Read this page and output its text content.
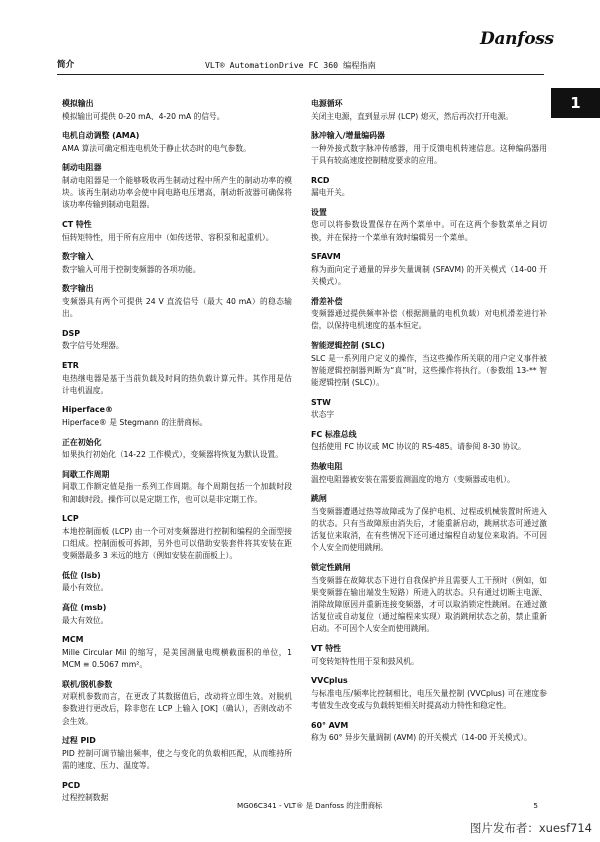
Danfoss
简介	VLT® AutomationDrive FC 360 编程指南
1
模拟输出
模拟输出可提供 0-20 mA、4-20 mA 的信号。
电机自动调整 (AMA)
AMA 算法可确定相连电机处于静止状态时的电气参数。
制动电阻器
制动电阻器是一个能够吸收再生制动过程中所产生的制动功率的模块。该再生制动功率会使中间电路电压增高，制动斩波器可确保将该功率传输到制动电阻器。
CT 特性
恒转矩特性，用于所有应用中（如传送带、容积泵和起重机）。
数字输入
数字输入可用于控制变频器的各项功能。
数字输出
变频器具有两个可提供 24 V 直流信号（最大 40 mA）的稳态输出。
DSP
数字信号处理器。
ETR
电热继电器是基于当前负载及时间的热负载计算元件。其作用是估计电机温度。
Hiperface®
Hiperface® 是 Stegmann 的注册商标。
正在初始化
如果执行初始化（14-22 工作模式），变频器将恢复为默认设置。
间歇工作周期
间歇工作额定值是指一系列工作周期。每个周期包括一个加载时段和卸载时段。操作可以是定期工作，也可以是非定期工作。
LCP
本地控制面板 (LCP) 由一个可对变频器进行控制和编程的全面型接口组成。控制面板可拆卸，另外也可以借助安装套件将其安装在距变频器最多 3 米远的地方（例如安装在前面板上）。
低位 (lsb)
最小有效位。
高位 (msb)
最大有效位。
MCM
Mille Circular Mil 的缩写，是美国测量电缆横截面积的单位，1 MCM ≡ 0.5067 mm²。
联机/脱机参数
对联机参数而言，在更改了其数据值后，改动将立即生效。对脱机参数进行更改后，除非您在 LCP 上输入 [OK]（确认），否则改动不会生效。
过程 PID
PID 控制可调节输出频率，使之与变化的负载相匹配，从而维持所需的速度、压力、温度等。
PCD
过程控制数据
电源循环
关闭主电源，直到显示屏 (LCP) 熄灭，然后再次打开电源。
脉冲输入/增量编码器
一种外接式数字脉冲传感器，用于反馈电机转速信息。这种编码器用于具有较高速度控制精度要求的应用。
RCD
漏电开关。
设置
您可以将参数设置保存在两个菜单中。可在这两个参数菜单之间切换，并在保持一个菜单有效时编辑另一个菜单。
SFAVM
称为面向定子通量的异步矢量调制 (SFAVM) 的开关模式（14-00 开关模式）。
滑差补偿
变频器通过提供频率补偿（根据测量的电机负载）对电机滑差进行补偿，以保持电机速度的基本恒定。
智能逻辑控制 (SLC)
SLC 是一系列用户定义的操作，当这些操作所关联的用户定义事件被智能逻辑控制器判断为“真”时，这些操作将执行。（参数组 13-** 智能逻辑控制 (SLC)）。
STW
状态字
FC 标准总线
包括使用 FC 协议或 MC 协议的 RS-485。请参阅 8-30 协议。
热敏电阻
温控电阻器被安装在需要监测温度的地方（变频器或电机）。
跳闸
当变频器遭遇过热等故障或为了保护电机、过程或机械装置时所进入的状态。只有当故障原由消失后，才能重新启动，跳闸状态可通过激活复位来取消，在有些情况下还可通过编程自动复位来取消。不可因个人安全而使用跳闸。
锁定性跳闸
当变频器在故障状态下进行自我保护并且需要人工干预时（例如，如果变频器在输出端发生短路）所进入的状态。只有通过切断主电源、消除故障原因并重新连接变频器，才可以取消锁定性跳闸。在通过激活复位或自动复位（通过编程来实现）取消跳闸状态之前，禁止重新启动。不可因个人安全而使用跳闸。
VT 特性
可变转矩特性用于泵和鼓风机。
VVCplus
与标准电压/频率比控制相比，电压矢量控制 (VVCplus) 可在速度参考值发生改变或与负载转矩相关时提高动力特性和稳定性。
60° AVM
称为 60° 异步矢量调制 (AVM) 的开关模式（14-00 开关模式）。
MG06C341 - VLT® 是 Danfoss 的注册商标	5
图片发布者：xuesf714
